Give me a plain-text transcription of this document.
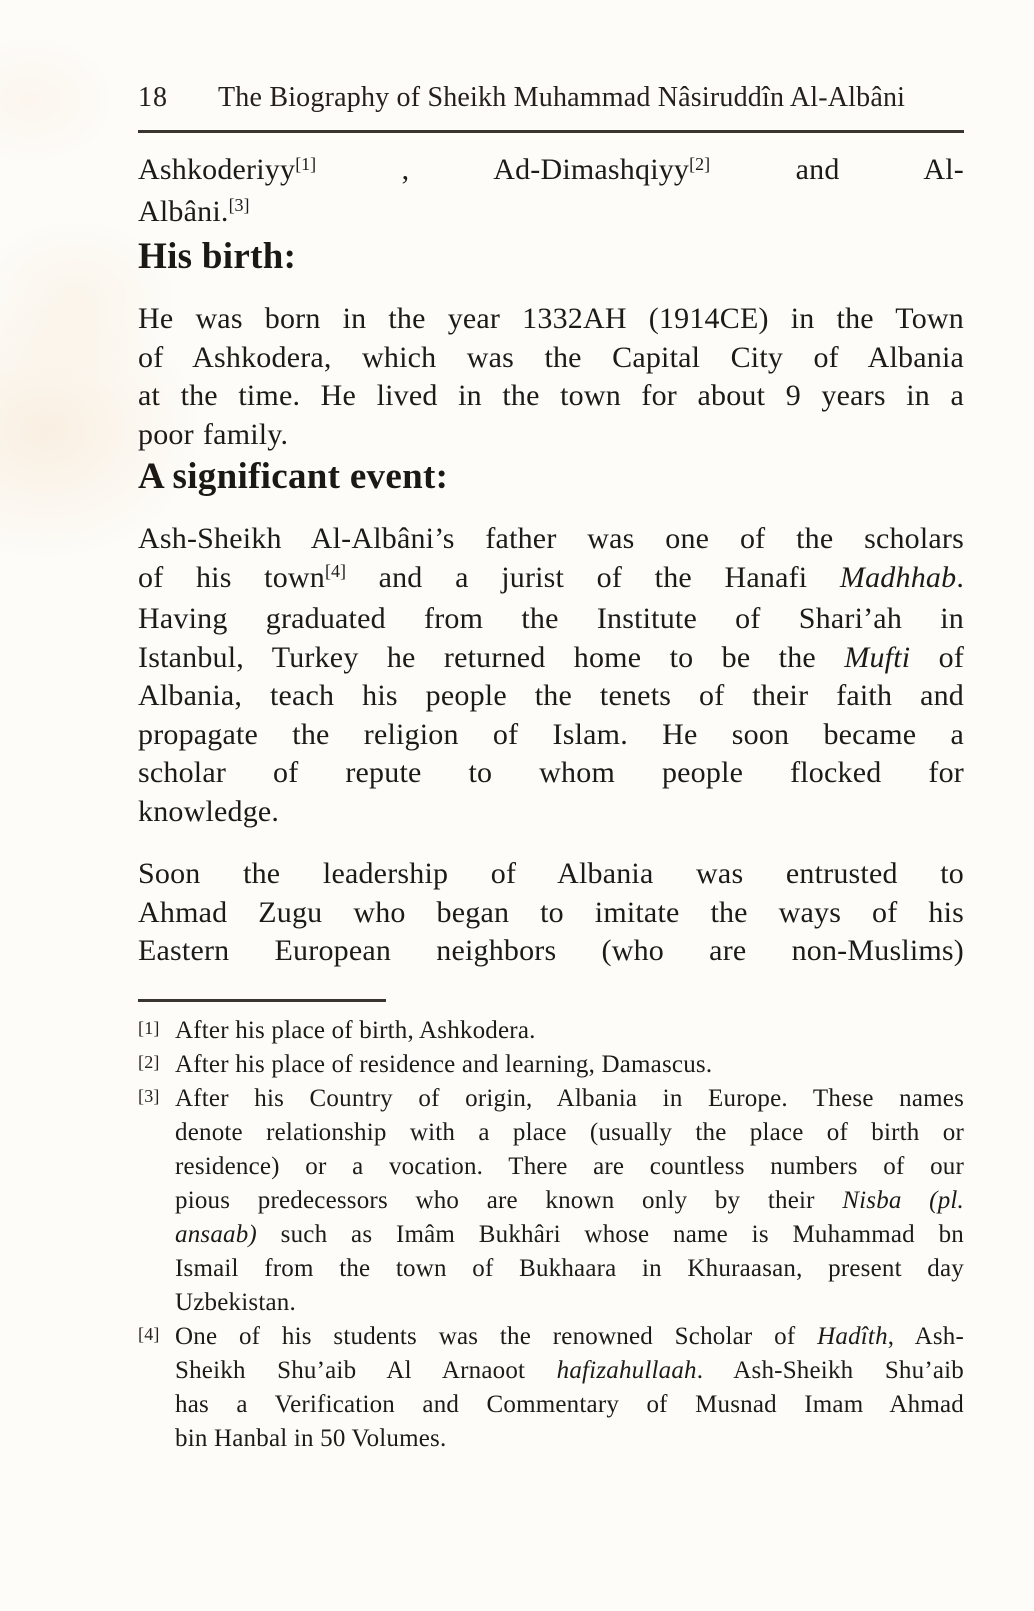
18 The Biography of Sheikh Muhammad Nâsiruddîn Al-Albâni
Ashkoderiyy[1] , Ad-Dimashqiyy[2] and Al-
Albâni.[3]
His birth:
He was born in the year 1332AH (1914CE) in the Town
of Ashkodera, which was the Capital City of Albania
at the time. He lived in the town for about 9 years in a
poor family.
A significant event:
Ash-Sheikh Al-Albâni’s father was one of the scholars
of his town[4] and a jurist of the Hanafi Madhhab.
Having graduated from the Institute of Shari’ah in
Istanbul, Turkey he returned home to be the Mufti of
Albania, teach his people the tenets of their faith and
propagate the religion of Islam. He soon became a
scholar of repute to whom people flocked for
knowledge.
Soon the leadership of Albania was entrusted to
Ahmad Zugu who began to imitate the ways of his
Eastern European neighbors (who are non-Muslims)
[1] After his place of birth, Ashkodera.
[2] After his place of residence and learning, Damascus.
[3] After his Country of origin, Albania in Europe. These names
denote relationship with a place (usually the place of birth or
residence) or a vocation. There are countless numbers of our
pious predecessors who are known only by their Nisba (pl.
ansaab) such as Imâm Bukhâri whose name is Muhammad bn
Ismail from the town of Bukhaara in Khuraasan, present day
Uzbekistan.
[4] One of his students was the renowned Scholar of Hadîth, Ash-
Sheikh Shu’aib Al Arnaoot hafizahullaah. Ash-Sheikh Shu’aib
has a Verification and Commentary of Musnad Imam Ahmad
bin Hanbal in 50 Volumes.
